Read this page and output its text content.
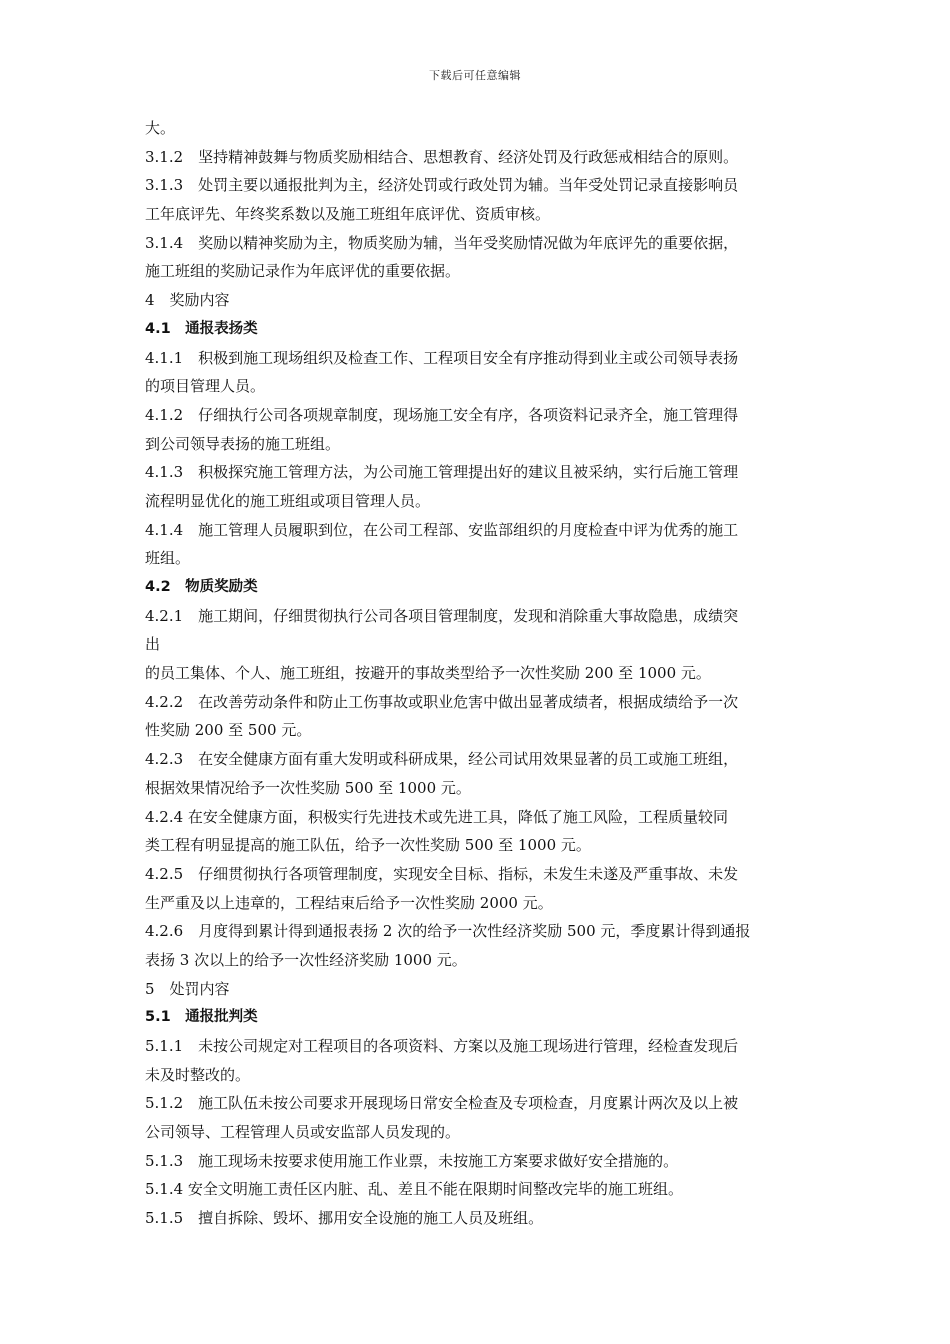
下载后可任意编辑
大。
3.1.2　坚持精神鼓舞与物质奖励相结合、思想教育、经济处罚及行政惩戒相结合的原则。
3.1.3　处罚主要以通报批判为主，经济处罚或行政处罚为辅。当年受处罚记录直接影响员
工年底评先、年终奖系数以及施工班组年底评优、资质审核。
3.1.4　奖励以精神奖励为主，物质奖励为辅，当年受奖励情况做为年底评先的重要依据，
施工班组的奖励记录作为年底评优的重要依据。
4　奖励内容
4.1　通报表扬类
4.1.1　积极到施工现场组织及检查工作、工程项目安全有序推动得到业主或公司领导表扬
的项目管理人员。
4.1.2　仔细执行公司各项规章制度，现场施工安全有序，各项资料记录齐全，施工管理得
到公司领导表扬的施工班组。
4.1.3　积极探究施工管理方法，为公司施工管理提出好的建议且被采纳，实行后施工管理
流程明显优化的施工班组或项目管理人员。
4.1.4　施工管理人员履职到位，在公司工程部、安监部组织的月度检查中评为优秀的施工
班组。
4.2　物质奖励类
4.2.1　施工期间，仔细贯彻执行公司各项目管理制度，发现和消除重大事故隐患，成绩突
出
的员工集体、个人、施工班组，按避开的事故类型给予一次性奖励 200 至 1000 元。
4.2.2　在改善劳动条件和防止工伤事故或职业危害中做出显著成绩者，根据成绩给予一次
性奖励 200 至 500 元。
4.2.3　在安全健康方面有重大发明或科研成果，经公司试用效果显著的员工或施工班组，
根据效果情况给予一次性奖励 500 至 1000 元。
4.2.4 在安全健康方面，积极实行先进技术或先进工具，降低了施工风险，工程质量较同
类工程有明显提高的施工队伍，给予一次性奖励 500 至 1000 元。
4.2.5　仔细贯彻执行各项管理制度，实现安全目标、指标，未发生未遂及严重事故、未发
生严重及以上违章的，工程结束后给予一次性奖励 2000 元。
4.2.6　月度得到累计得到通报表扬 2 次的给予一次性经济奖励 500 元，季度累计得到通报
表扬 3 次以上的给予一次性经济奖励 1000 元。
5　处罚内容
5.1　通报批判类
5.1.1　未按公司规定对工程项目的各项资料、方案以及施工现场进行管理，经检查发现后
未及时整改的。
5.1.2　施工队伍未按公司要求开展现场日常安全检查及专项检查，月度累计两次及以上被
公司领导、工程管理人员或安监部人员发现的。
5.1.3　施工现场未按要求使用施工作业票，未按施工方案要求做好安全措施的。
5.1.4 安全文明施工责任区内脏、乱、差且不能在限期时间整改完毕的施工班组。
5.1.5　擅自拆除、毁坏、挪用安全设施的施工人员及班组。
